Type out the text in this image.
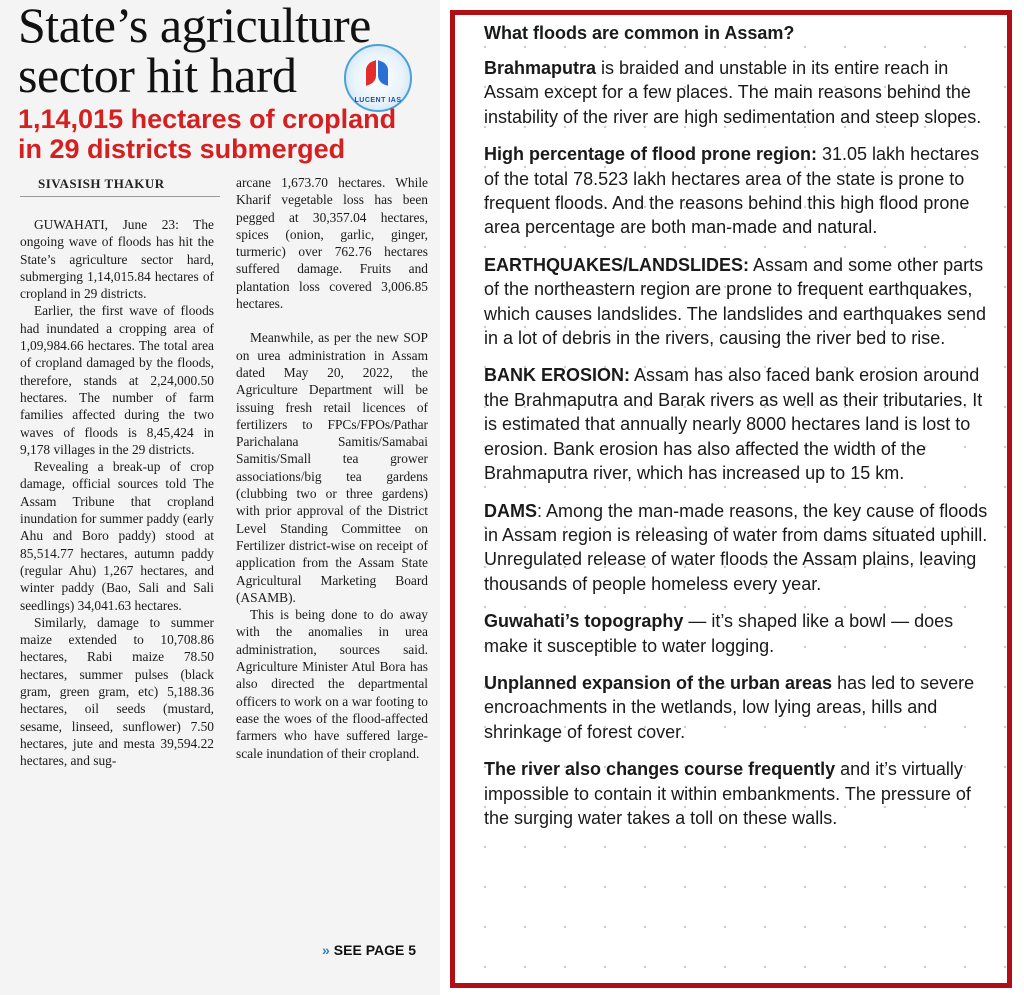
State’s agriculture
sector hit hard	LUCENT IAS
1,14,015 hectares of cropland
in 29 districts submerged
SIVASISH THAKUR

GUWAHATI, June 23: The ongoing wave of floods has hit the State’s agriculture sector hard, submerging 1,14,015.84 hectares of cropland in 29 districts.

Earlier, the first wave of floods had inundated a cropping area of 1,09,984.66 hectares. The total area of cropland damaged by the floods, therefore, stands at 2,24,000.50 hectares. The number of farm families affected during the two waves of floods is 8,45,424 in 9,178 villages in the 29 districts.

Revealing a break-up of crop damage, official sources told The Assam Tribune that cropland inundation for summer paddy (early Ahu and Boro paddy) stood at 85,514.77 hectares, autumn paddy (regular Ahu) 1,267 hectares, and winter paddy (Bao, Sali and Sali seedlings) 34,041.63 hectares.

Similarly, damage to summer maize extended to 10,708.86 hectares, Rabi maize 78.50 hectares, summer pulses (black gram, green gram, etc) 5,188.36 hectares, oil seeds (mustard, sesame, linseed, sunflower) 7.50 hectares, jute and mesta 39,594.22 hectares, and sug-

arcane 1,673.70 hectares. While Kharif vegetable loss has been pegged at 30,357.04 hectares, spices (onion, garlic, ginger, turmeric) over 762.76 hectares suffered damage. Fruits and plantation loss covered 3,006.85 hectares.

Meanwhile, as per the new SOP on urea administration in Assam dated May 20, 2022, the Agriculture Department will be issuing fresh retail licences of fertilizers to FPCs/FPOs/Pathar Parichalana Samitis/Samabai Samitis/Small tea grower associations/big tea gardens (clubbing two or three gardens) with prior approval of the District Level Standing Committee on Fertilizer district-wise on receipt of application from the Assam State Agricultural Marketing Board (ASAMB).

This is being done to do away with the anomalies in urea administration, sources said. Agriculture Minister Atul Bora has also directed the departmental officers to work on a war footing to ease the woes of the flood-affected farmers who have suffered large-scale inundation of their cropland.

» SEE PAGE 5
What floods are common in Assam?

Brahmaputra is braided and unstable in its entire reach in Assam except for a few places. The main reasons behind the instability of the river are high sedimentation and steep slopes.

High percentage of flood prone region: 31.05 lakh hectares of the total 78.523 lakh hectares area of the state is prone to frequent floods. And the reasons behind this high flood prone area percentage are both man-made and natural.

EARTHQUAKES/LANDSLIDES: Assam and some other parts of the northeastern region are prone to frequent earthquakes, which causes landslides. The landslides and earthquakes send in a lot of debris in the rivers, causing the river bed to rise.

BANK EROSION: Assam has also faced bank erosion around the Brahmaputra and Barak rivers as well as their tributaries. It is estimated that annually nearly 8000 hectares land is lost to erosion. Bank erosion has also affected the width of the Brahmaputra river, which has increased up to 15 km.

DAMS: Among the man-made reasons, the key cause of floods in Assam region is releasing of water from dams situated uphill. Unregulated release of water floods the Assam plains, leaving thousands of people homeless every year.

Guwahati’s topography — it’s shaped like a bowl — does make it susceptible to water logging.

Unplanned expansion of the urban areas has led to severe encroachments in the wetlands, low lying areas, hills and shrinkage of forest cover.

The river also changes course frequently and it’s virtually impossible to contain it within embankments. The pressure of the surging water takes a toll on these walls.
